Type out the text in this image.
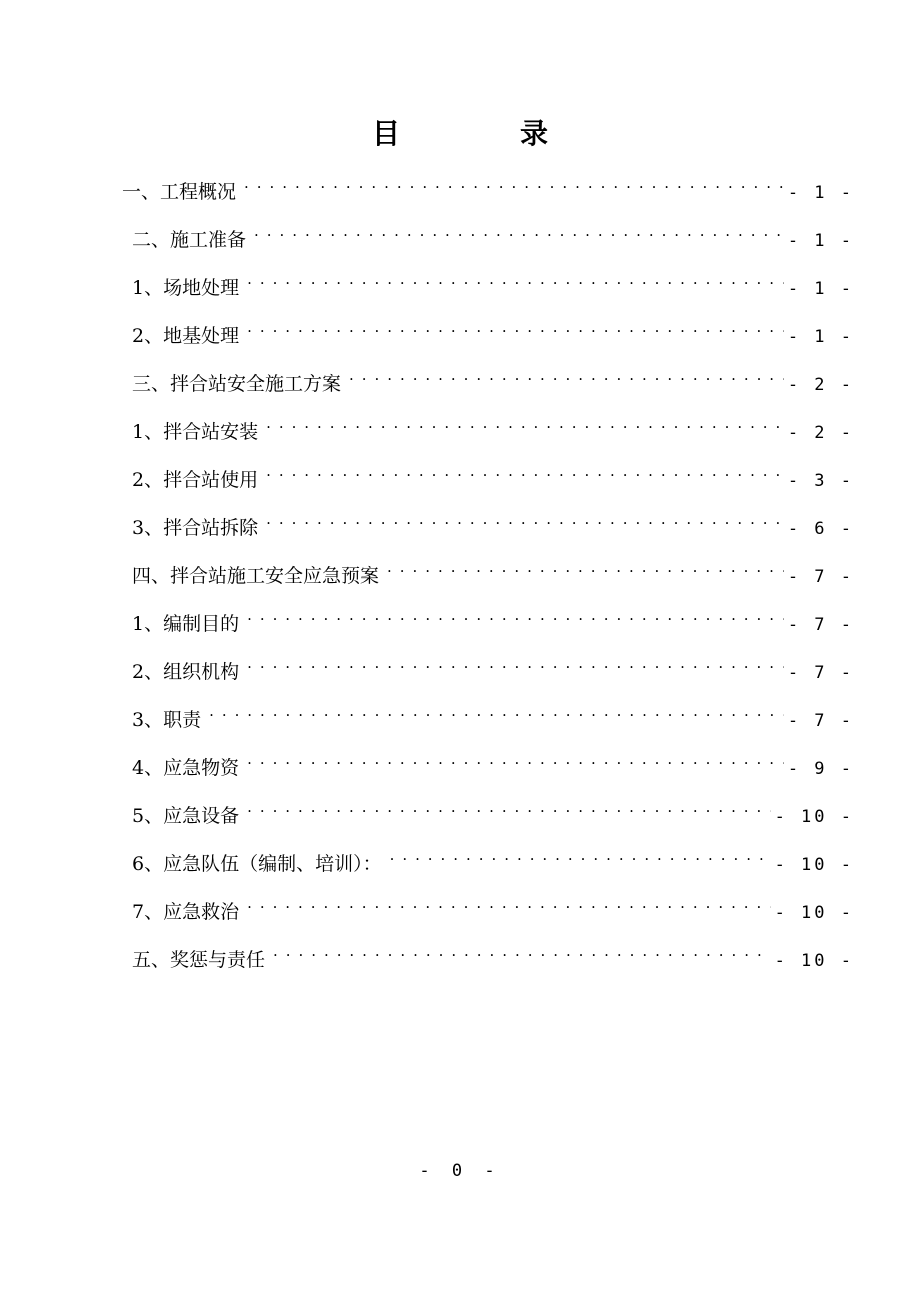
目　录
一、工程概况 . . .	- 1 -
二、施工准备 . . .	- 1 -
1、场地处理 . . .	- 1 -
2、地基处理 . . .	- 1 -
三、拌合站安全施工方案 . . .	- 2 -
1、拌合站安装 . . .	- 2 -
2、拌合站使用 . . .	- 3 -
3、拌合站拆除 . . .	- 6 -
四、拌合站施工安全应急预案 . . .	- 7 -
1、编制目的 . . .	- 7 -
2、组织机构 . . .	- 7 -
3、职责 . . .	- 7 -
4、应急物资 . . .	- 9 -
5、应急设备 . . .	- 10 -
6、应急队伍（编制、培训）： . . .	- 10 -
7、应急救治 . . .	- 10 -
五、奖惩与责任 . . .	- 10 -
- 0 -
